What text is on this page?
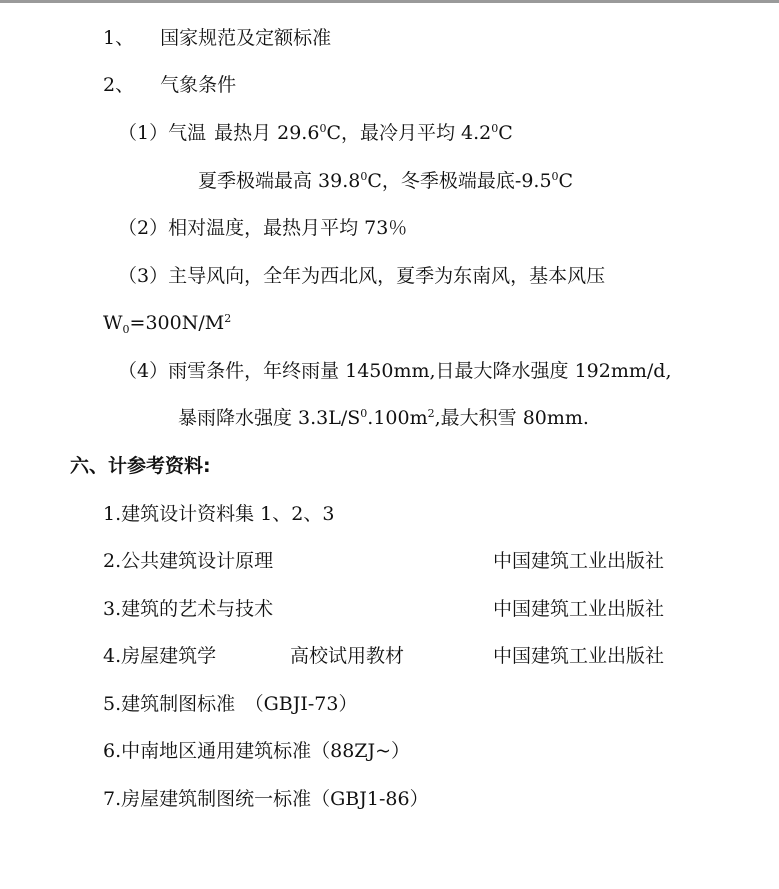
1、 国家规范及定额标准
2、 气象条件
（1）气温 最热月 29.6$^0$C，最冷月平均 $4.2^0C$
夏季极端最高 39.8$^0$C，冬季极端最底$-9.5^0C$
（2）相对温度，最热月平均 73％
（3）主导风向，全年为西北风，夏季为东南风，基本风压
$W_0=300N/M^2$
（4）雨雪条件，年终雨量 1450mm,日最大降水强度 192mm/d,
暴雨降水强度 $3.3L/S^0.100m^2$,最大积雪 80mm.
六、计参考资料:
1.建筑设计资料集 1、2、3
2.公共建筑设计原理	中国建筑工业出版社
3.建筑的艺术与技术	中国建筑工业出版社
4.房屋建筑学	高校试用教材	中国建筑工业出版社
5.建筑制图标准　（GBJI-73）
6.中南地区通用建筑标准（88ZJ~）
7.房屋建筑制图统一标准（GBJ1-86）
